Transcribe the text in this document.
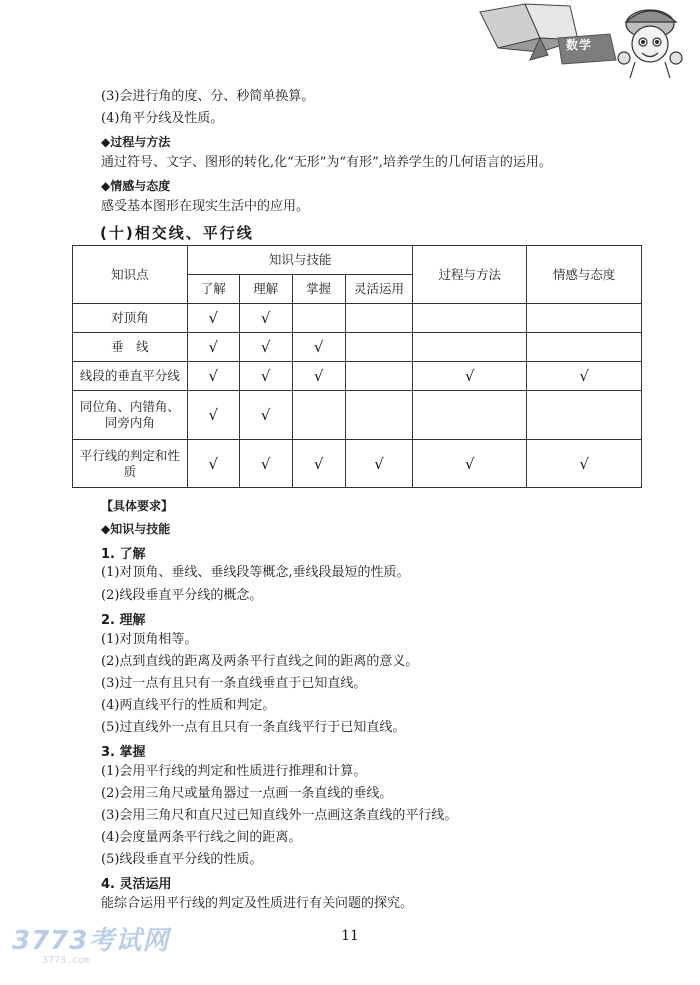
数学
(3)会进行角的度、分、秒简单换算。
(4)角平分线及性质。
◆过程与方法
通过符号、文字、图形的转化,化“无形”为“有形”,培养学生的几何语言的运用。
◆情感与态度
感受基本图形在现实生活中的应用。
(十)相交线、平行线
知识点	知识与技能				过程与方法	情感与态度
	了解	理解	掌握	灵活运用		
对顶角	√	√				
垂　线	√	√	√			
线段的垂直平分线	√	√	√		√	√
同位角、内错角、同旁内角	√	√				
平行线的判定和性质	√	√	√	√	√	√
【具体要求】
◆知识与技能
1. 了解
(1)对顶角、垂线、垂线段等概念,垂线段最短的性质。
(2)线段垂直平分线的概念。
2. 理解
(1)对顶角相等。
(2)点到直线的距离及两条平行直线之间的距离的意义。
(3)过一点有且只有一条直线垂直于已知直线。
(4)两直线平行的性质和判定。
(5)过直线外一点有且只有一条直线平行于已知直线。
3. 掌握
(1)会用平行线的判定和性质进行推理和计算。
(2)会用三角尺或量角器过一点画一条直线的垂线。
(3)会用三角尺和直尺过已知直线外一点画这条直线的平行线。
(4)会度量两条平行线之间的距离。
(5)线段垂直平分线的性质。
4. 灵活运用
能综合运用平行线的判定及性质进行有关问题的探究。
11
3773考试网
3773.com
